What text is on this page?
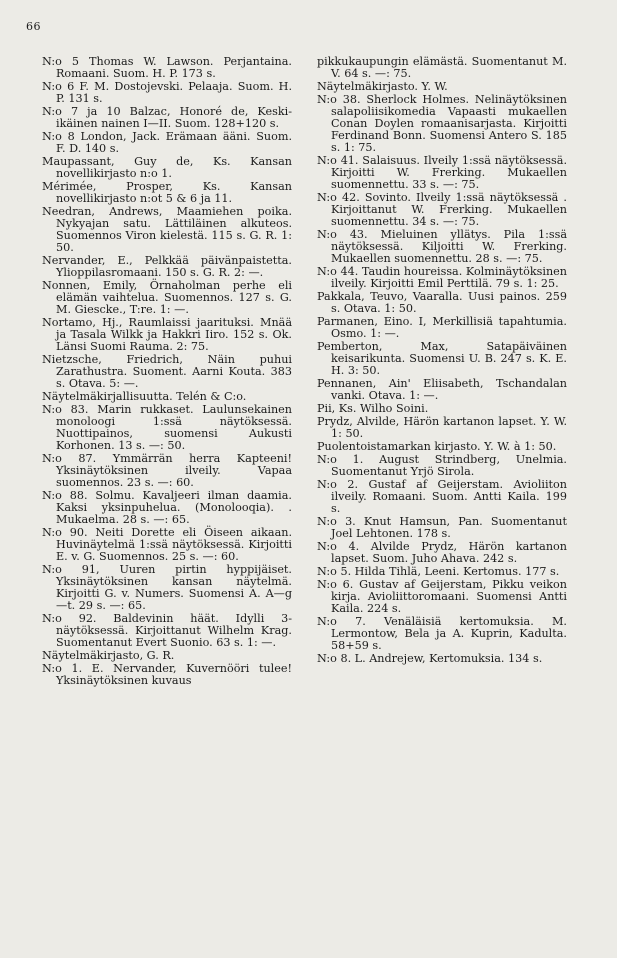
66

N:o 5 Thomas W. Lawson. Perjantaina. Romaani. Suom. H. P. 173 s.

N:o 6 F. M. Dostojevski. Pelaaja. Suom. H. P. 131 s.

N:o 7 ja 10 Balzac, Honoré de, Keski-ikäinen nainen I—II. Suom. 128+120 s.

N:o 8 London, Jack. Erämaan ääni. Suom. F. D. 140 s.

Maupassant, Guy de, Ks. Kansan novellikirjasto n:o 1.

Mérimée, Prosper, Ks. Kansan novellikirjasto n:ot 5 & 6 ja 11.

Needran, Andrews, Maamiehen poika. Nykyajan satu. Lättiläinen alkuteos. Suomennos Viron kielestä. 115 s. G. R. 1: 50.

Nervander, E., Pelkkää päivänpaistetta. Ylioppilasromaani. 150 s. G. R. 2: —.

Nonnen, Emily, Örnaholman perhe eli elämän vaihtelua. Suomennos. 127 s. G. M. Giescke., T:re. 1: —.

Nortamo, Hj., Raumlaissi jaarituksi. Mnää ja Tasala Wilkk ja Hakkri Iiro. 152 s. Ok. Länsi Suomi Rauma. 2: 75.

Nietzsche, Friedrich, Näin puhui Zarathustra. Suoment. Aarni Kouta. 383 s. Otava. 5: —.

Näytelmäkirjallisuutta. Telén & C:o.

N:o 83. Marin rukkaset. Laulunsekainen monoloogi 1:ssä näytöksessä. Nuottipainos, suomensi Aukusti Korhonen. 13 s. —: 50.

N:o 87. Ymmärrän herra Kapteeni! Yksinäytöksinen ilveily. Vapaa suomennos. 23 s. —: 60.

N:o 88. Solmu. Kavaljeeri ilman daamia. Kaksi yksinpuhelua. (Monolooqia). . Mukaelma. 28 s. —: 65.

N:o 90. Neiti Dorette eli Öiseen aikaan. Huvinäytelmä 1:ssä näytöksessä. Kirjoitti E. v. G. Suomennos. 25 s. —: 60.

N:o 91, Uuren pirtin hyppijäiset. Yksinäytöksinen kansan näytelmä. Kirjoitti G. v. Numers. Suomensi A. A—g—t. 29 s. —: 65.

N:o 92. Baldevinin häät. Idylli 3-näytöksessä. Kirjoittanut Wilhelm Krag. Suomentanut Evert Suonio. 63 s. 1: —.

Näytelmäkirjasto, G. R.

N:o 1. E. Nervander, Kuvernööri tulee! Yksinäytöksinen kuvaus

pikkukaupungin elämästä. Suomentanut M. V. 64 s. —: 75.

Näytelmäkirjasto. Y. W.

N:o 38. Sherlock Holmes. Nelinäytöksinen salapoliisikomedia Vapaasti mukaellen Conan Doylen romaanisarjasta. Kirjoitti Ferdinand Bonn. Suomensi Antero S. 185 s. 1: 75.

N:o 41. Salaisuus. Ilveily 1:ssä näytöksessä. Kirjoitti W. Frerking. Mukaellen suomennettu. 33 s. —: 75.

N:o 42. Sovinto. Ilveily 1:ssä näytöksessä . Kirjoittanut W. Frerking. Mukaellen suomennettu. 34 s. —: 75.

N:o 43. Mieluinen yllätys. Pila 1:ssä näytöksessä. Kiljoitti W. Frerking. Mukaellen suomennettu. 28 s. —: 75.

N:o 44. Taudin houreissa. Kolminäytöksinen ilveily. Kirjoitti Emil Perttilä. 79 s. 1: 25.

Pakkala, Teuvo, Vaaralla. Uusi painos. 259 s. Otava. 1: 50.

Parmanen, Eino. I, Merkillisiä tapahtumia. Osmo. 1: —.

Pemberton, Max, Satapäiväinen keisarikunta. Suomensi U. B. 247 s. K. E. H. 3: 50.

Pennanen, Ain' Eliisabeth, Tschandalan vanki. Otava. 1: —.

Pii, Ks. Wilho Soini.

Prydz, Alvilde, Härön kartanon lapset. Y. W. 1: 50.

Puolentoistamarkan kirjasto. Y. W. à 1: 50.

N:o 1. August Strindberg, Unelmia. Suomentanut Yrjö Sirola.

N:o 2. Gustaf af Geijerstam. Avioliiton ilveily. Romaani. Suom. Antti Kaila. 199 s.

N:o 3. Knut Hamsun, Pan. Suomentanut Joel Lehtonen. 178 s.

N:o 4. Alvilde Prydz, Härön kartanon lapset. Suom. Juho Ahava. 242 s.

N:o 5. Hilda Tihlä, Leeni. Kertomus. 177 s.

N:o 6. Gustav af Geijerstam, Pikku veikon kirja. Avioliittoromaani. Suomensi Antti Kaila. 224 s.

N:o 7. Venäläisiä kertomuksia. M. Lermontow, Bela ja A. Kuprin, Kadulta. 58+59 s.

N:o 8. L. Andrejew, Kertomuksia. 134 s.
